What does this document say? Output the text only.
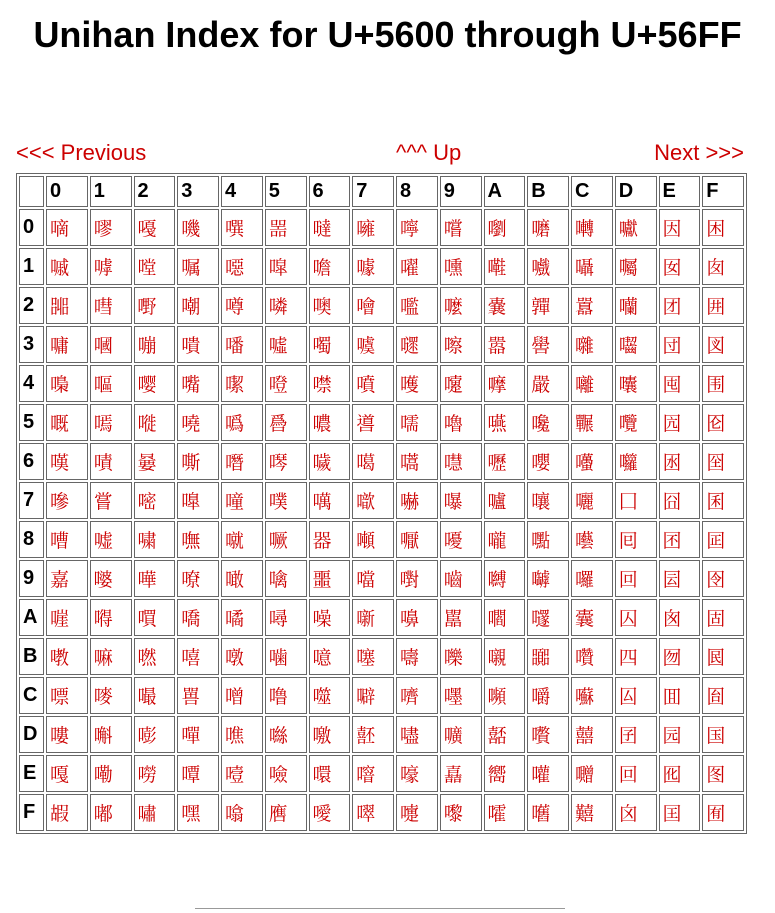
Unihan Index for U+5600 through U+56FF
<<< Previous	^^^ Up	Next >>>
	0	1	2	3	4	5	6	7	8	9	A	B	C	D	E	F
0	嘀	嘐	嘠	嘰	噀	噐	噠	噰	嚀	嚐	嚠	嚰	囀	囐	因	困
1	嘁	嘑	嘡	嘱	噁	噑	噡	噱	嚁	嚑	嚡	嚱	囁	囑	囡	囱
2	嘂	嘒	嘢	嘲	噂	噒	噢	噲	嚂	嚒	嚢	嚲	囂	囒	团	囲
3	嘃	嘓	嘣	嘳	噃	噓	噣	噳	嚃	嚓	嚣	嚳	囃	囓	団	図
4	嘄	嘔	嘤	嘴	噄	噔	噤	噴	嚄	嚔	嚤	嚴	囄	囔	囤	围
5	嘅	嘕	嘥	嘵	噅	噕	噥	噵	嚅	嚕	嚥	嚵	囅	囕	囥	囵
6	嘆	嘖	嘦	嘶	噆	噖	噦	噶	嚆	嚖	嚦	嚶	囆	囖	囦	囶
7	嘇	嘗	嘧	嘷	噇	噗	噧	噷	嚇	嚗	嚧	嚷	囇	囗	囧	囷
8	嘈	嘘	嘨	嘸	噈	噘	器	噸	嚈	嚘	嚨	嚸	囈	囘	囨	囸
9	嘉	嘙	嘩	嘹	噉	噙	噩	噹	嚉	嚙	嚩	嚹	囉	回	囩	囹
A	嘊	嘚	嘪	嘺	噊	噚	噪	噺	嚊	嚚	嚪	嚺	囊	囚	囪	固
B	嘋	嘛	嘫	嘻	噋	噛	噫	噻	嚋	嚛	嚫	嚻	囋	四	囫	囻
C	嘌	嘜	嘬	嘼	噌	噜	噬	噼	嚌	嚜	嚬	嚼	囌	囜	囬	囼
D	嘍	嘝	嘭	嘽	噍	噝	噭	噽	嚍	嚝	嚭	嚽	囍	囝	园	国
E	嘎	嘞	嘮	嘾	噎	噞	噮	噾	嚎	嚞	嚮	嚾	囎	回	囮	图
F	嘏	嘟	嘯	嘿	噏	噟	噯	噿	嚏	嚟	嚯	嚿	囏	囟	囯	囿
